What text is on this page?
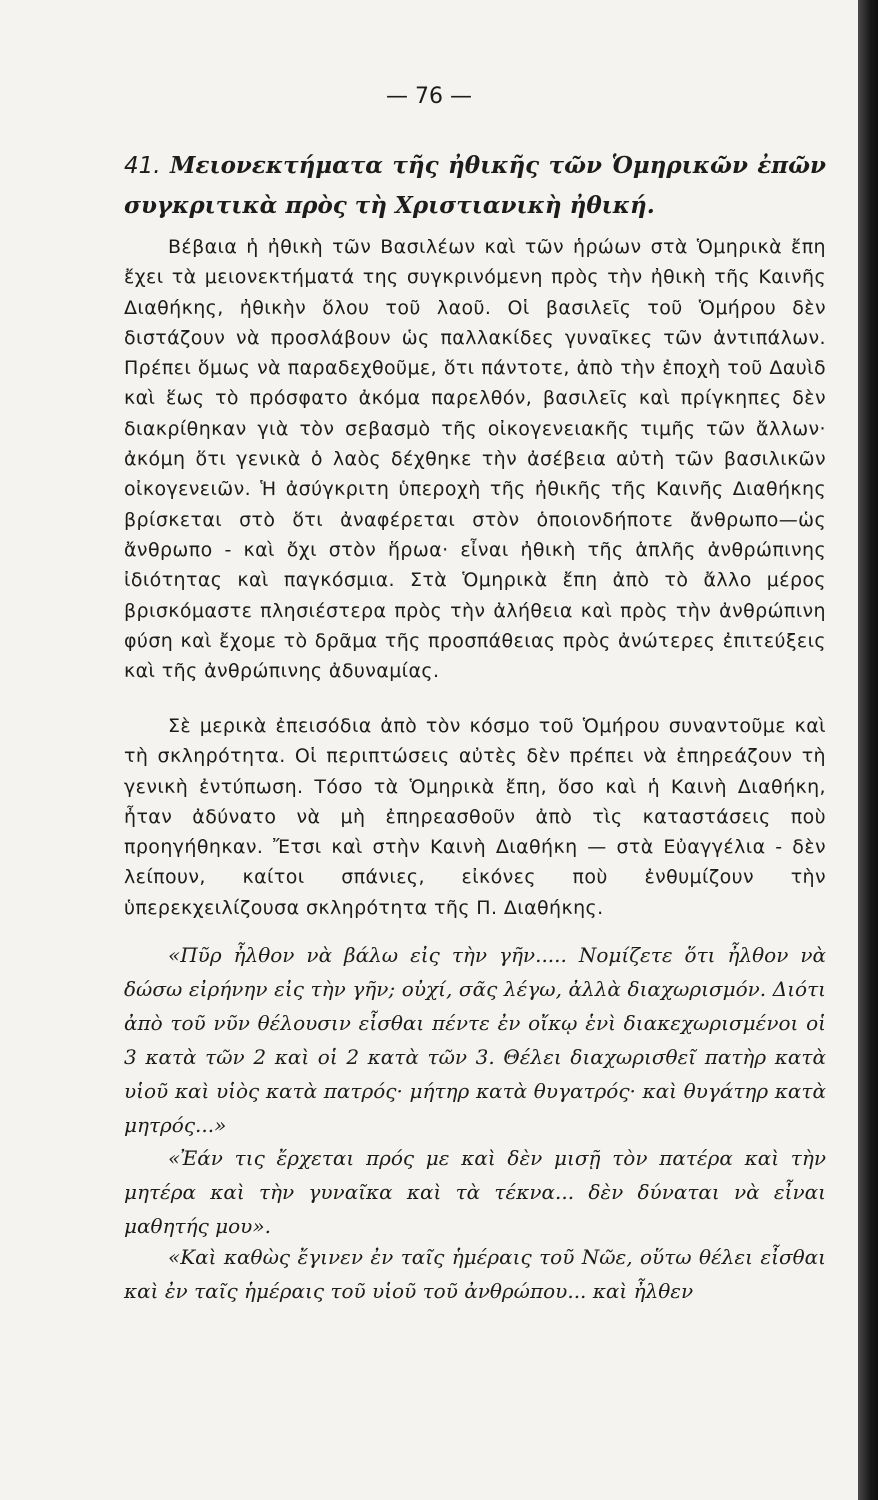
— 76 —
41. Μειονεκτήματα τῆς ἠθικῆς τῶν Ὁμηρικῶν ἐπῶν συγκριτικὰ πρὸς τὴ Χριστιανικὴ ἠθική.
Βέβαια ἡ ἠθικὴ τῶν Βασιλέων καὶ τῶν ἡρώων στὰ Ὁμηρικὰ ἔπη ἔχει τὰ μειονεκτήματά της συγκρινόμενη πρὸς τὴν ἠθικὴ τῆς Καινῆς Διαθήκης, ἠθικὴν ὅλου τοῦ λαοῦ. Οἱ βασιλεῖς τοῦ Ὁμήρου δὲν διστάζουν νὰ προσλάβουν ὡς παλλακίδες γυναῖκες τῶν ἀντιπάλων. Πρέπει ὅμως νὰ παραδεχθοῦμε, ὅτι πάντοτε, ἀπὸ τὴν ἐποχὴ τοῦ Δαυὶδ καὶ ἕως τὸ πρόσφατο ἀκόμα παρελθόν, βασιλεῖς καὶ πρίγκηπες δὲν διακρίθηκαν γιὰ τὸν σεβασμὸ τῆς οἰκογενειακῆς τιμῆς τῶν ἄλλων· ἀκόμη ὅτι γενικὰ ὁ λαὸς δέχθηκε τὴν ἀσέβεια αὐτὴ τῶν βασιλικῶν οἰκογενειῶν. Ἡ ἀσύγκριτη ὑπεροχὴ τῆς ἠθικῆς τῆς Καινῆς Διαθήκης βρίσκεται στὸ ὅτι ἀναφέρεται στὸν ὁποιονδήποτε ἄνθρωπο—ὡς ἄνθρωπο - καὶ ὄχι στὸν ἥρωα· εἶναι ἠθικὴ τῆς ἁπλῆς ἀνθρώπινης ἰδιότητας καὶ παγκόσμια. Στὰ Ὁμηρικὰ ἔπη ἀπὸ τὸ ἄλλο μέρος βρισκόμαστε πλησιέστερα πρὸς τὴν ἀλήθεια καὶ πρὸς τὴν ἀνθρώπινη φύση καὶ ἔχομε τὸ δρᾶμα τῆς προσπάθειας πρὸς ἀνώτερες ἐπιτεύξεις καὶ τῆς ἀνθρώπινης ἀδυναμίας.
Σὲ μερικὰ ἐπεισόδια ἀπὸ τὸν κόσμο τοῦ Ὁμήρου συναντοῦμε καὶ τὴ σκληρότητα. Οἱ περιπτώσεις αὐτὲς δὲν πρέπει νὰ ἐπηρεάζουν τὴ γενικὴ ἐντύπωση. Τόσο τὰ Ὁμηρικὰ ἔπη, ὅσο καὶ ἡ Καινὴ Διαθήκη, ἦταν ἀδύνατο νὰ μὴ ἐπηρεασθοῦν ἀπὸ τὶς καταστάσεις ποὺ προηγήθηκαν. Ἔτσι καὶ στὴν Καινὴ Διαθήκη — στὰ Εὐαγγέλια - δὲν λείπουν, καίτοι σπάνιες, εἰκόνες ποὺ ἐνθυμίζουν τὴν ὑπερεκχειλίζουσα σκληρότητα τῆς Π. Διαθήκης.
«Πῦρ ἦλθον νὰ βάλω εἰς τὴν γῆν..... Νομίζετε ὅτι ἦλθον νὰ δώσω εἰρήνην εἰς τὴν γῆν; οὐχί, σᾶς λέγω, ἀλλὰ διαχωρισμόν. Διότι ἀπὸ τοῦ νῦν θέλουσιν εἶσθαι πέντε ἐν οἴκῳ ἑνὶ διακεχωρισμένοι οἱ 3 κατὰ τῶν 2 καὶ οἱ 2 κατὰ τῶν 3. Θέλει διαχωρισθεῖ πατὴρ κατὰ υἱοῦ καὶ υἱὸς κατὰ πατρός· μήτηρ κατὰ θυγατρός· καὶ θυγάτηρ κατὰ μητρός...»
«Ἐάν τις ἔρχεται πρός με καὶ δὲν μισῇ τὸν πατέρα καὶ τὴν μητέρα καὶ τὴν γυναῖκα καὶ τὰ τέκνα... δὲν δύναται νὰ εἶναι μαθητής μου».
«Καὶ καθὼς ἔγινεν ἐν ταῖς ἡμέραις τοῦ Νῶε, οὕτω θέλει εἶσθαι καὶ ἐν ταῖς ἡμέραις τοῦ υἱοῦ τοῦ ἀνθρώπου... καὶ ἦλθεν
